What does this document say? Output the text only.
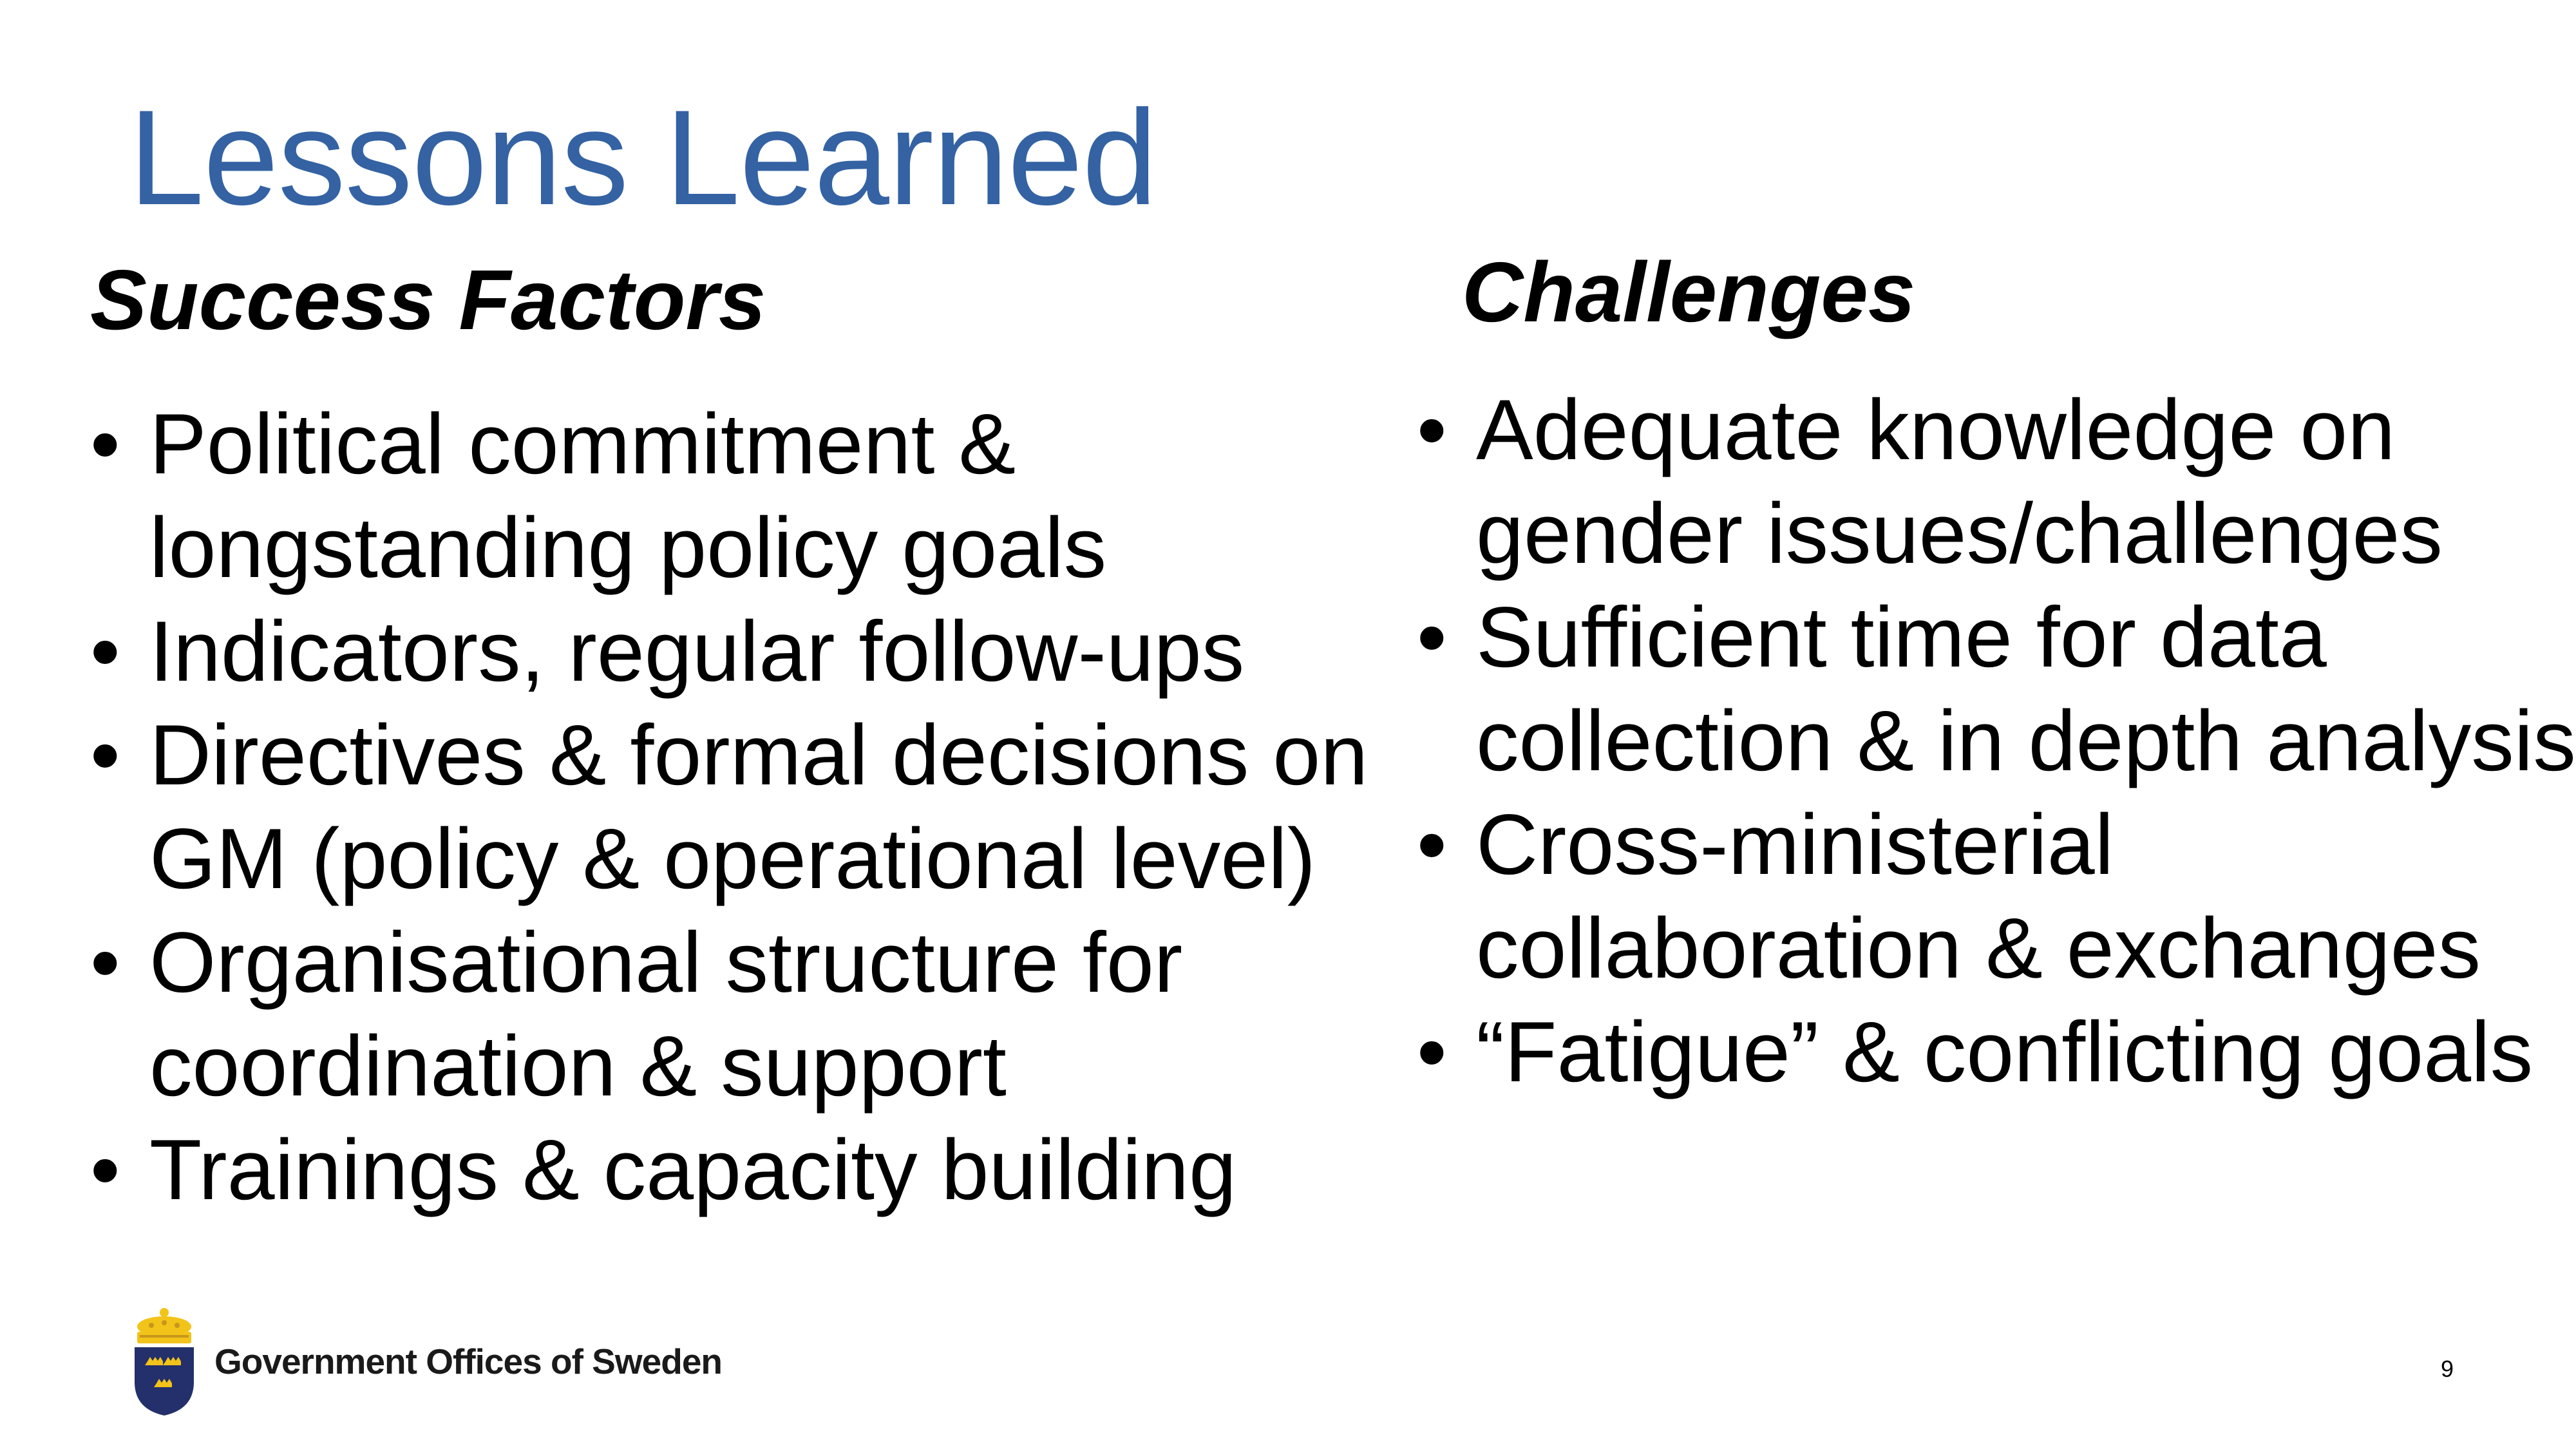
Lessons Learned
Success Factors
• Political commitment & longstanding policy goals
• Indicators, regular follow-ups
• Directives & formal decisions on GM (policy & operational level)
• Organisational structure for coordination & support
• Trainings & capacity building
Challenges
• Adequate knowledge on gender issues/challenges
• Sufficient time for data collection & in depth analysis
• Cross-ministerial collaboration & exchanges
• “Fatigue” & conflicting goals
Government Offices of Sweden	9
